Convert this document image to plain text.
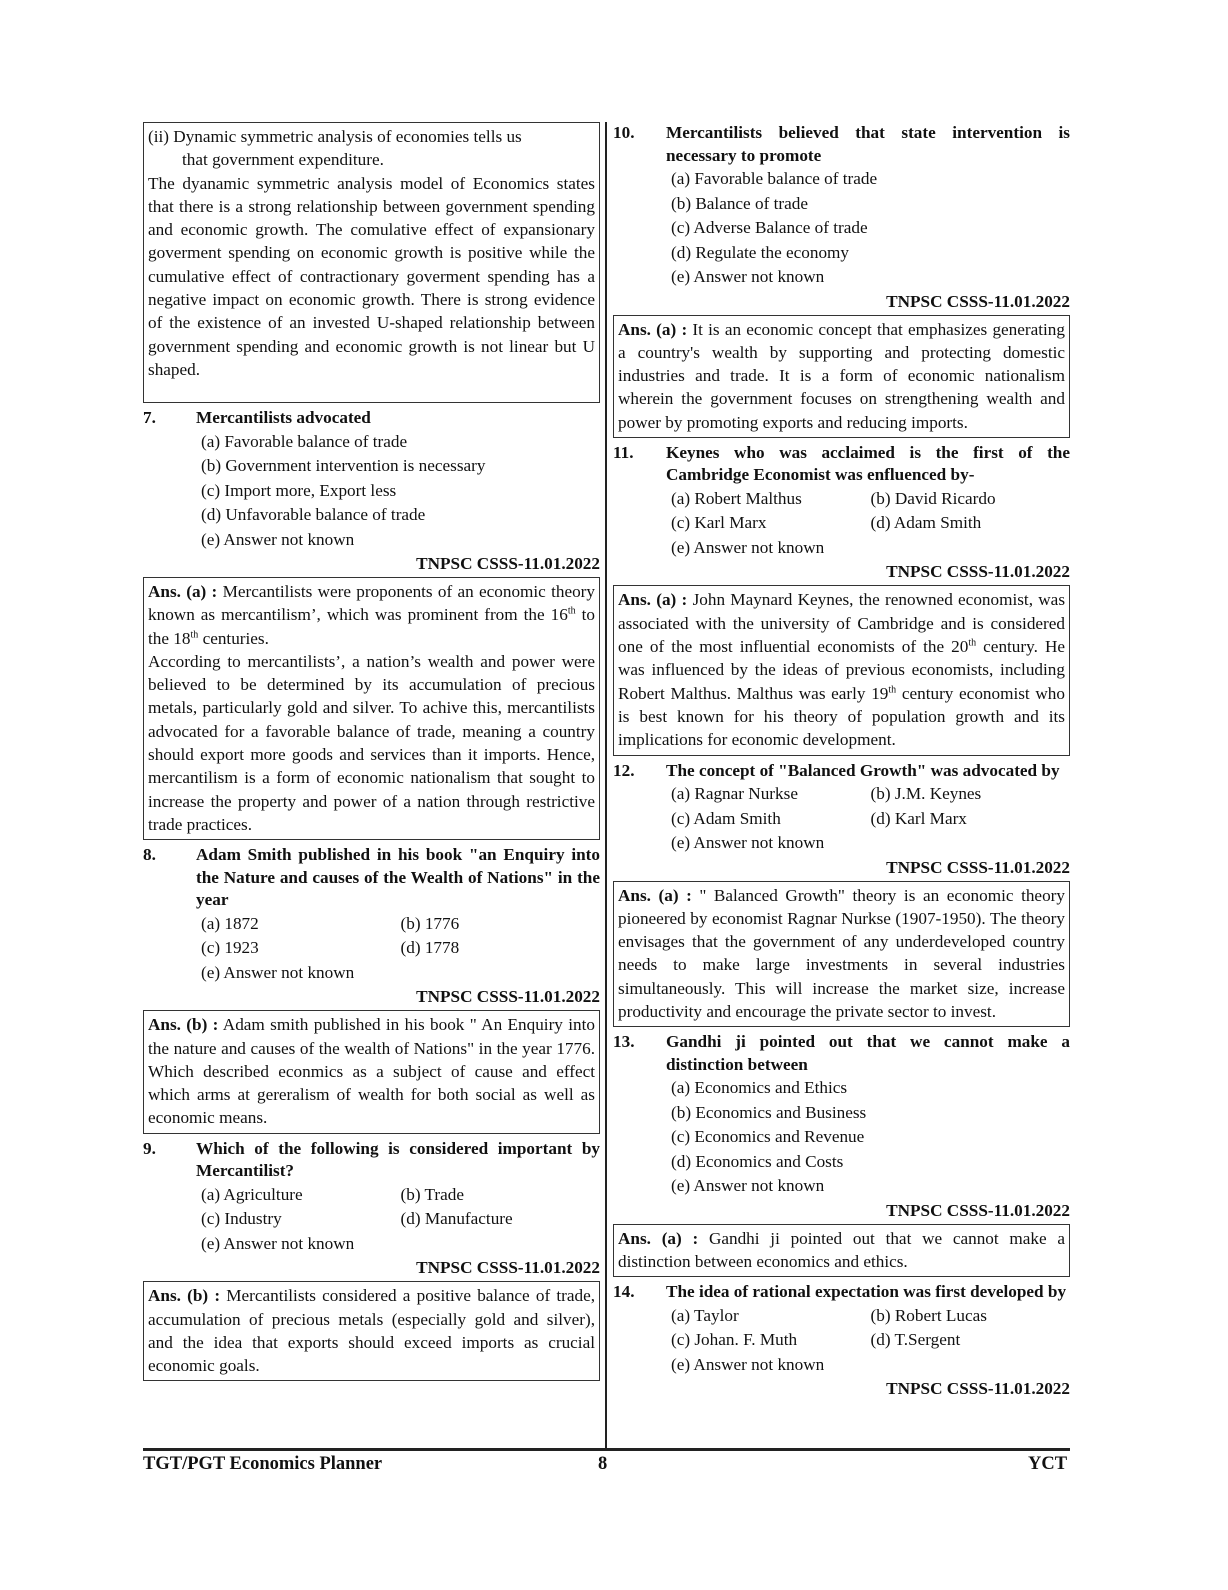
(ii) Dynamic symmetric analysis of economies tells us
that government expenditure.

The dyanamic symmetric analysis model of Economics states that there is a strong relationship between government spending and economic growth. The comulative effect of expansionary goverment spending on economic growth is positive while the cumulative effect of contractionary goverment spending has a negative impact on economic growth. There is strong evidence of the existence of an invested U-shaped relationship between government spending and economic growth is not linear but U shaped.

7. Mercantilists advocated
(a) Favorable balance of trade
(b) Government intervention is necessary
(c) Import more, Export less
(d) Unfavorable balance of trade
(e) Answer not known
TNPSC CSSS-11.01.2022

Ans. (a) : Mercantilists were proponents of an economic theory known as mercantilism’, which was prominent from the 16th to the 18th centuries.

According to mercantilists’, a nation’s wealth and power were believed to be determined by its accumulation of precious metals, particularly gold and silver. To achive this, mercantilists advocated for a favorable balance of trade, meaning a country should export more goods and services than it imports. Hence, mercantilism is a form of economic nationalism that sought to increase the property and power of a nation through restrictive trade practices.

8. Adam Smith published in his book "an Enquiry into the Nature and causes of the Wealth of Nations" in the year
(a) 1872	(b) 1776
(c) 1923	(d) 1778
(e) Answer not known
TNPSC CSSS-11.01.2022

Ans. (b) : Adam smith published in his book " An Enquiry into the nature and causes of the wealth of Nations" in the year 1776. Which described econmics as a subject of cause and effect which arms at gereralism of wealth for both social as well as economic means.

9. Which of the following is considered important by Mercantilist?
(a) Agriculture	(b) Trade
(c) Industry	(d) Manufacture
(e) Answer not known
TNPSC CSSS-11.01.2022

Ans. (b) : Mercantilists considered a positive balance of trade, accumulation of precious metals (especially gold and silver), and the idea that exports should exceed imports as crucial economic goals.

10. Mercantilists believed that state intervention is necessary to promote
(a) Favorable balance of trade
(b) Balance of trade
(c) Adverse Balance of trade
(d) Regulate the economy
(e) Answer not known
TNPSC CSSS-11.01.2022

Ans. (a) : It is an economic concept that emphasizes generating a country's wealth by supporting and protecting domestic industries and trade. It is a form of economic nationalism wherein the government focuses on strengthening wealth and power by promoting exports and reducing imports.

11. Keynes who was acclaimed is the first of the Cambridge Economist was enfluenced by-
(a) Robert Malthus	(b) David Ricardo
(c) Karl Marx	(d) Adam Smith
(e) Answer not known
TNPSC CSSS-11.01.2022

Ans. (a) : John Maynard Keynes, the renowned economist, was associated with the university of Cambridge and is considered one of the most influential economists of the 20th century. He was influenced by the ideas of previous economists, including Robert Malthus. Malthus was early 19th century economist who is best known for his theory of population growth and its implications for economic development.

12. The concept of "Balanced Growth" was advocated by
(a) Ragnar Nurkse	(b) J.M. Keynes
(c) Adam Smith	(d) Karl Marx
(e) Answer not known
TNPSC CSSS-11.01.2022

Ans. (a) : " Balanced Growth" theory is an economic theory pioneered by economist Ragnar Nurkse (1907-1950). The theory envisages that the government of any underdeveloped country needs to make large investments in several industries simultaneously. This will increase the market size, increase productivity and encourage the private sector to invest.

13. Gandhi ji pointed out that we cannot make a distinction between
(a) Economics and Ethics
(b) Economics and Business
(c) Economics and Revenue
(d) Economics and Costs
(e) Answer not known
TNPSC CSSS-11.01.2022

Ans. (a) : Gandhi ji pointed out that we cannot make a distinction between economics and ethics.

14. The idea of rational expectation was first developed by
(a) Taylor	(b) Robert Lucas
(c) Johan. F. Muth	(d) T.Sergent
(e) Answer not known
TNPSC CSSS-11.01.2022
TGT/PGT Economics Planner	8	YCT
